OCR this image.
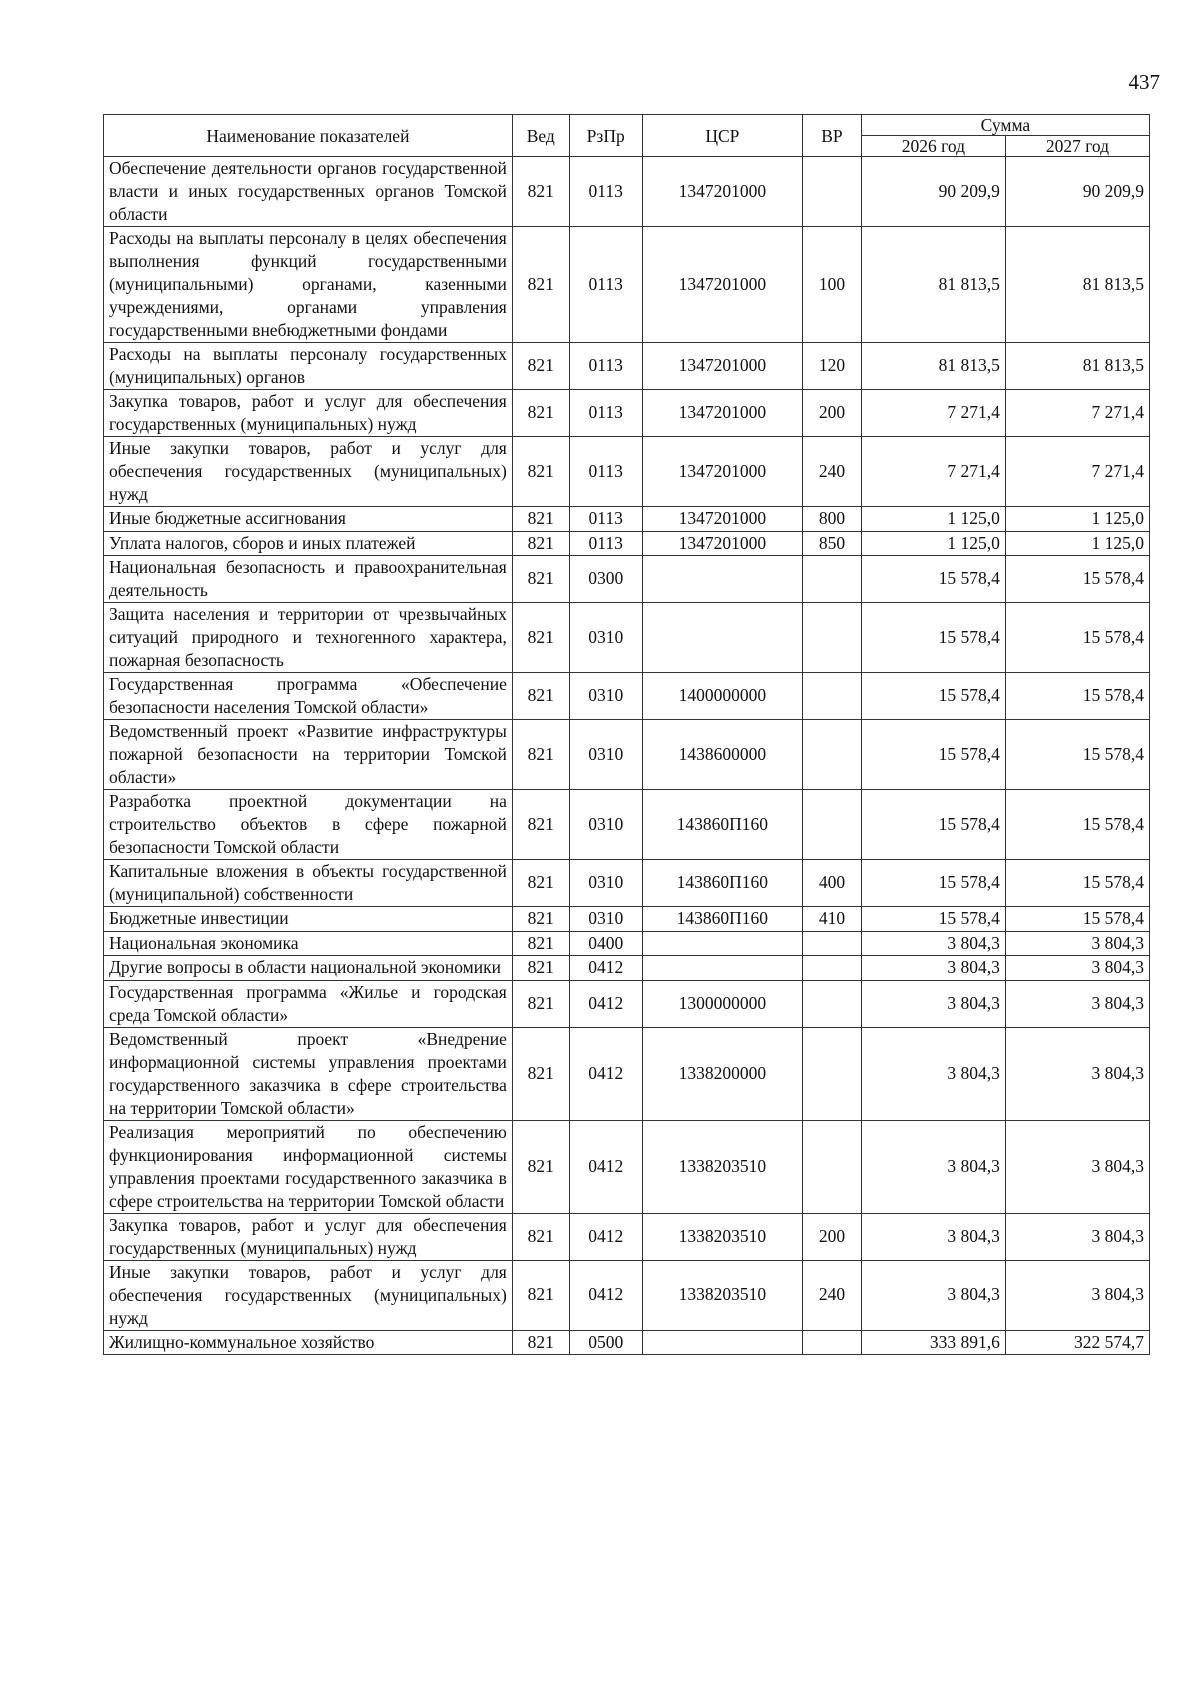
437
Наименование показателей	Вед	РзПр	ЦСР	ВР	Сумма	
					2026 год	2027 год
Обеспечение деятельности органов государственной власти и иных государственных органов Томской области	821	0113	1347201000		90 209,9	90 209,9
Расходы на выплаты персоналу в целях обеспечения выполнения функций государственными (муниципальными) органами, казенными учреждениями, органами управления государственными внебюджетными фондами	821	0113	1347201000	100	81 813,5	81 813,5
Расходы на выплаты персоналу государственных (муниципальных) органов	821	0113	1347201000	120	81 813,5	81 813,5
Закупка товаров, работ и услуг для обеспечения государственных (муниципальных) нужд	821	0113	1347201000	200	7 271,4	7 271,4
Иные закупки товаров, работ и услуг для обеспечения государственных (муниципальных) нужд	821	0113	1347201000	240	7 271,4	7 271,4
Иные бюджетные ассигнования	821	0113	1347201000	800	1 125,0	1 125,0
Уплата налогов, сборов и иных платежей	821	0113	1347201000	850	1 125,0	1 125,0
Национальная безопасность и правоохранительная деятельность	821	0300			15 578,4	15 578,4
Защита населения и территории от чрезвычайных ситуаций природного и техногенного характера, пожарная безопасность	821	0310			15 578,4	15 578,4
Государственная программа «Обеспечение безопасности населения Томской области»	821	0310	1400000000		15 578,4	15 578,4
Ведомственный проект «Развитие инфраструктуры пожарной безопасности на территории Томской области»	821	0310	1438600000		15 578,4	15 578,4
Разработка проектной документации на строительство объектов в сфере пожарной безопасности Томской области	821	0310	143860П160		15 578,4	15 578,4
Капитальные вложения в объекты государственной (муниципальной) собственности	821	0310	143860П160	400	15 578,4	15 578,4
Бюджетные инвестиции	821	0310	143860П160	410	15 578,4	15 578,4
Национальная экономика	821	0400			3 804,3	3 804,3
Другие вопросы в области национальной экономики	821	0412			3 804,3	3 804,3
Государственная программа «Жилье и городская среда Томской области»	821	0412	1300000000		3 804,3	3 804,3
Ведомственный проект «Внедрение информационной системы управления проектами государственного заказчика в сфере строительства на территории Томской области»	821	0412	1338200000		3 804,3	3 804,3
Реализация мероприятий по обеспечению функционирования информационной системы управления проектами государственного заказчика в сфере строительства на территории Томской области	821	0412	1338203510		3 804,3	3 804,3
Закупка товаров, работ и услуг для обеспечения государственных (муниципальных) нужд	821	0412	1338203510	200	3 804,3	3 804,3
Иные закупки товаров, работ и услуг для обеспечения государственных (муниципальных) нужд	821	0412	1338203510	240	3 804,3	3 804,3
Жилищно-коммунальное хозяйство	821	0500			333 891,6	322 574,7
